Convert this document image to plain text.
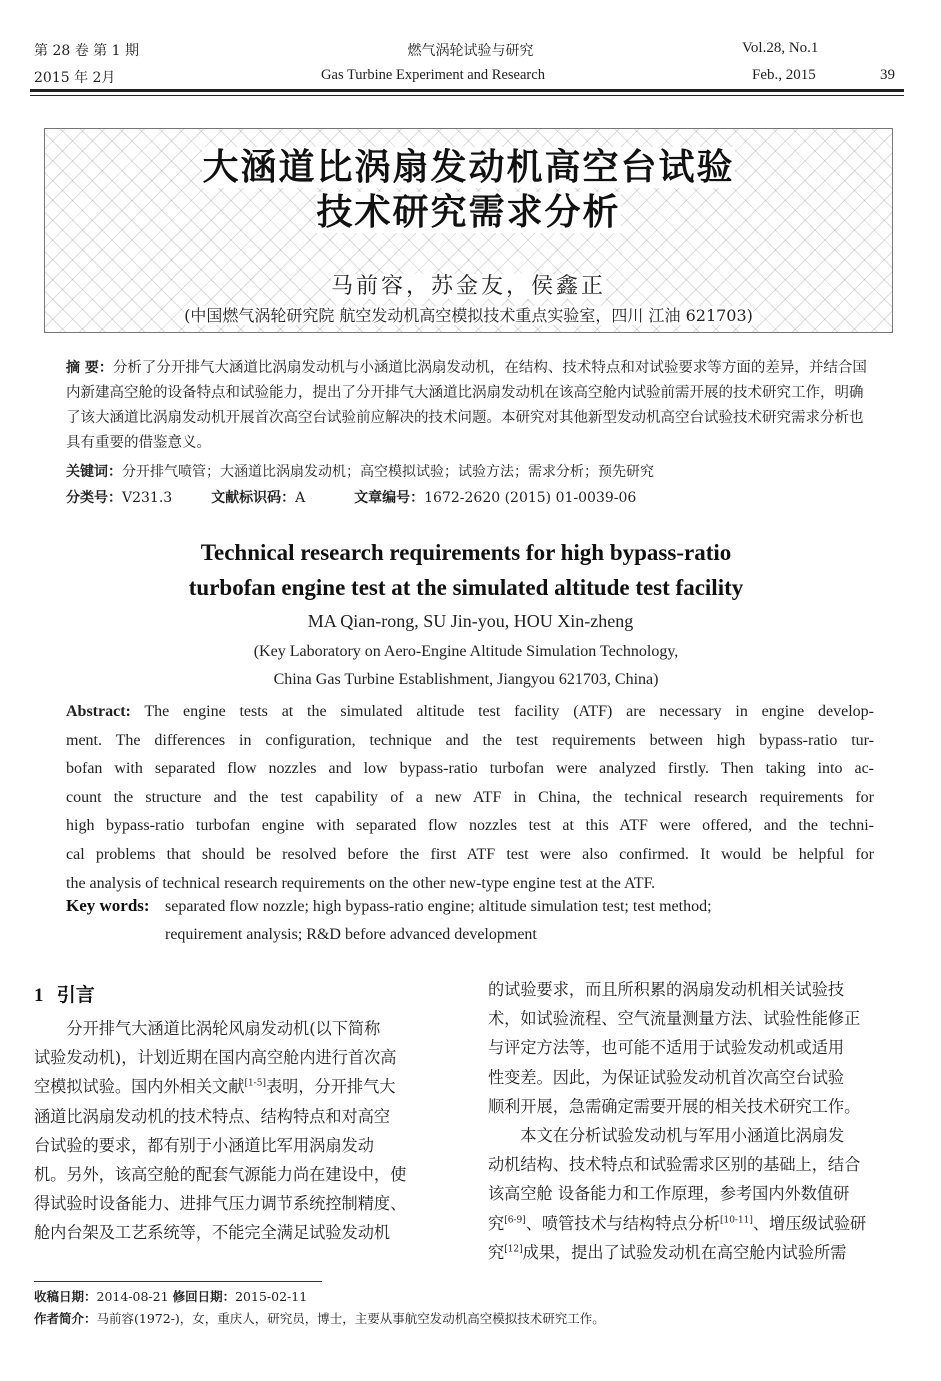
第 28 卷 第 1 期
2015 年 2月
燃气涡轮试验与研究
Gas Turbine Experiment and Research
Vol.28, No.1
Feb., 2015	39
大涵道比涡扇发动机高空台试验
技术研究需求分析
马前容，苏金友，侯鑫正
(中国燃气涡轮研究院 航空发动机高空模拟技术重点实验室，四川 江油 621703)
摘 要：分析了分开排气大涵道比涡扇发动机与小涵道比涡扇发动机，在结构、技术特点和对试验要求等方面的差异，并结合国内新建高空舱的设备特点和试验能力，提出了分开排气大涵道比涡扇发动机在该高空舱内试验前需开展的技术研究工作，明确了该大涵道比涡扇发动机开展首次高空台试验前应解决的技术问题。本研究对其他新型发动机高空台试验技术研究需求分析也具有重要的借鉴意义。
关键词：分开排气喷管；大涵道比涡扇发动机；高空模拟试验；试验方法；需求分析；预先研究
分类号：V231.3	文献标识码：A	文章编号：1672-2620 (2015) 01-0039-06
Technical research requirements for high bypass-ratio
turbofan engine test at the simulated altitude test facility
MA Qian-rong, SU Jin-you, HOU Xin-zheng
(Key Laboratory on Aero-Engine Altitude Simulation Technology,
China Gas Turbine Establishment, Jiangyou 621703, China)
Abstract: The engine tests at the simulated altitude test facility (ATF) are necessary in engine develop-
ment. The differences in configuration, technique and the test requirements between high bypass-ratio tur-
bofan with separated flow nozzles and low bypass-ratio turbofan were analyzed firstly. Then taking into ac-
count the structure and the test capability of a new ATF in China, the technical research requirements for
high bypass-ratio turbofan engine with separated flow nozzles test at this ATF were offered, and the techni-
cal problems that should be resolved before the first ATF test were also confirmed. It would be helpful for
the analysis of technical research requirements on the other new-type engine test at the ATF.
Key words: separated flow nozzle; high bypass-ratio engine; altitude simulation test; test method;
requirement analysis; R&D before advanced development
1 引言
分开排气大涵道比涡轮风扇发动机(以下简称
试验发动机)，计划近期在国内高空舱内进行首次高
空模拟试验。国内外相关文献[1-5]表明，分开排气大
涵道比涡扇发动机的技术特点、结构特点和对高空
台试验的要求，都有别于小涵道比军用涡扇发动
机。另外，该高空舱的配套气源能力尚在建设中，使
得试验时设备能力、进排气压力调节系统控制精度、
舱内台架及工艺系统等，不能完全满足试验发动机
的试验要求，而且所积累的涡扇发动机相关试验技
术，如试验流程、空气流量测量方法、试验性能修正
与评定方法等，也可能不适用于试验发动机或适用
性变差。因此，为保证试验发动机首次高空台试验
顺利开展，急需确定需要开展的相关技术研究工作。
本文在分析试验发动机与军用小涵道比涡扇发
动机结构、技术特点和试验需求区别的基础上，结合
该高空舱 设备能力和工作原理，参考国内外数值研
究[6-9]、喷管技术与结构特点分析[10-11]、增压级试验研
究[12]成果，提出了试验发动机在高空舱内试验所需
收稿日期：2014-08-21 修回日期：2015-02-11
作者简介：马前容(1972-)，女，重庆人，研究员，博士，主要从事航空发动机高空模拟技术研究工作。
